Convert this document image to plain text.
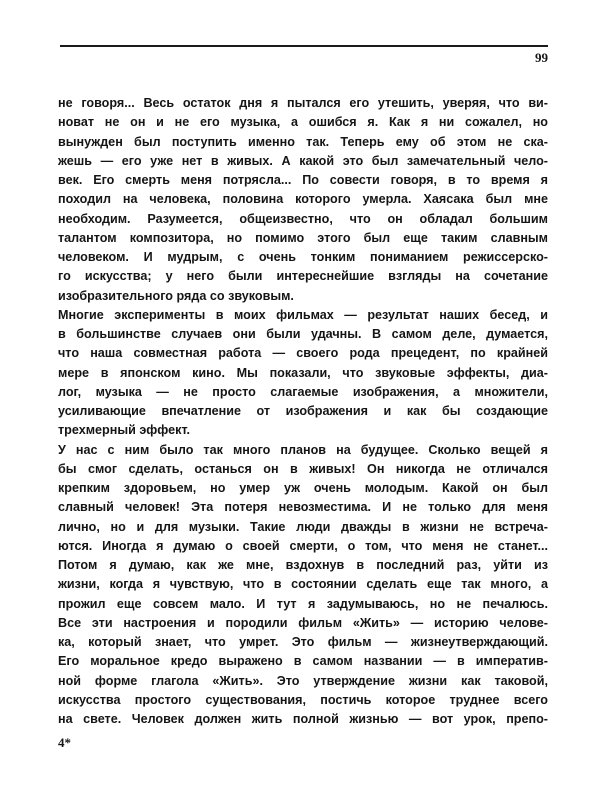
99
не говоря... Весь остаток дня я пытался его утешить, уверяя, что ви-
новат не он и не его музыка, а ошибся я. Как я ни сожалел, но
вынужден был поступить именно так. Теперь ему об этом не ска-
жешь — его уже нет в живых. А какой это был замечательный чело-
век. Его смерть меня потрясла... По совести говоря, в то время я
походил на человека, половина которого умерла. Хаясака был мне
необходим. Разумеется, общеизвестно, что он обладал большим
талантом композитора, но помимо этого был еще таким славным
человеком. И мудрым, с очень тонким пониманием режиссерско-
го искусства; у него были интереснейшие взгляды на сочетание
изобразительного ряда со звуковым.
Многие эксперименты в моих фильмах — результат наших бесед, и
в большинстве случаев они были удачны. В самом деле, думается,
что наша совместная работа — своего рода прецедент, по крайней
мере в японском кино. Мы показали, что звуковые эффекты, диа-
лог, музыка — не просто слагаемые изображения, а множители,
усиливающие впечатление от изображения и как бы создающие
трехмерный эффект.
У нас с ним было так много планов на будущее. Сколько вещей я
бы смог сделать, останься он в живых! Он никогда не отличался
крепким здоровьем, но умер уж очень молодым. Какой он был
славный человек! Эта потеря невозместима. И не только для меня
лично, но и для музыки. Такие люди дважды в жизни не встреча-
ются. Иногда я думаю о своей смерти, о том, что меня не станет...
Потом я думаю, как же мне, вздохнув в последний раз, уйти из
жизни, когда я чувствую, что в состоянии сделать еще так много, а
прожил еще совсем мало. И тут я задумываюсь, но не печалюсь.
Все эти настроения и породили фильм «Жить» — историю челове-
ка, который знает, что умрет. Это фильм — жизнеутверждающий.
Его моральное кредо выражено в самом названии — в императив-
ной форме глагола «Жить». Это утверждение жизни как таковой,
искусства простого существования, постичь которое труднее всего
на свете. Человек должен жить полной жизнью — вот урок, препо-
4*
